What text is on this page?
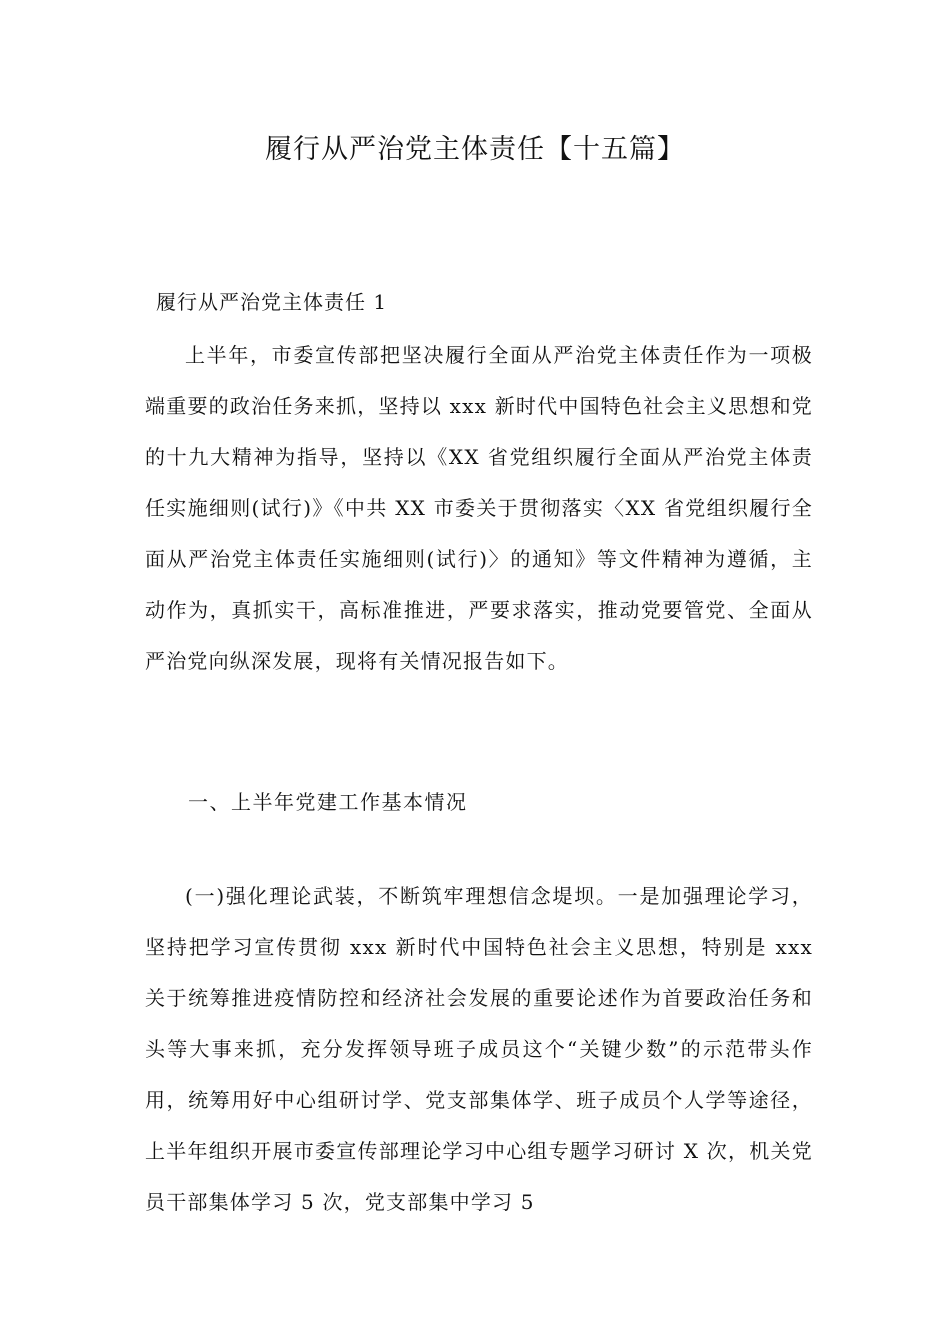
履行从严治党主体责任【十五篇】

履行从严治党主体责任 1

上半年，市委宣传部把坚决履行全面从严治党主体责任作为一项极端重要的政治任务来抓，坚持以 xxx 新时代中国特色社会主义思想和党的十九大精神为指导，坚持以《XX 省党组织履行全面从严治党主体责任实施细则(试行)》《中共 XX 市委关于贯彻落实〈XX 省党组织履行全面从严治党主体责任实施细则(试行)〉的通知》等文件精神为遵循，主动作为，真抓实干，高标准推进，严要求落实，推动党要管党、全面从严治党向纵深发展，现将有关情况报告如下。

一、上半年党建工作基本情况

(一)强化理论武装，不断筑牢理想信念堤坝。一是加强理论学习，坚持把学习宣传贯彻 xxx 新时代中国特色社会主义思想，特别是 xxx 关于统筹推进疫情防控和经济社会发展的重要论述作为首要政治任务和头等大事来抓，充分发挥领导班子成员这个“关键少数”的示范带头作用，统筹用好中心组研讨学、党支部集体学、班子成员个人学等途径，上半年组织开展市委宣传部理论学习中心组专题学习研讨 X 次，机关党员干部集体学习 5 次，党支部集中学习 5
